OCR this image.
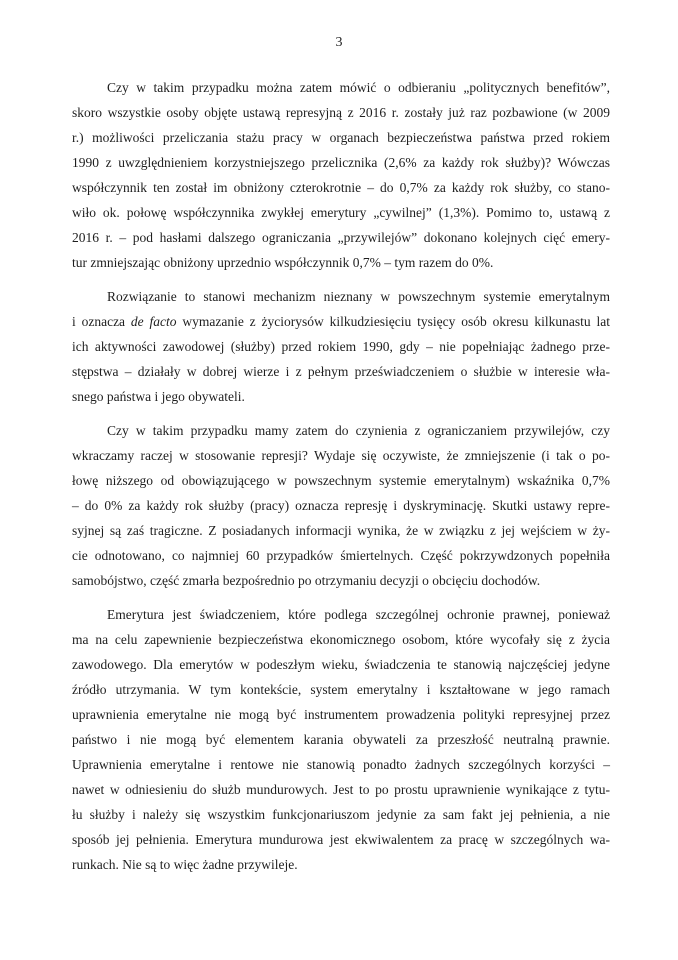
3
Czy w takim przypadku można zatem mówić o odbieraniu „politycznych benefitów”,
skoro wszystkie osoby objęte ustawą represyjną z 2016 r. zostały już raz pozbawione (w 2009
r.) możliwości przeliczania stażu pracy w organach bezpieczeństwa państwa przed rokiem
1990 z uwzględnieniem korzystniejszego przelicznika (2,6% za każdy rok służby)? Wówczas
współczynnik ten został im obniżony czterokrotnie – do 0,7% za każdy rok służby, co stano-
wiło ok. połowę współczynnika zwykłej emerytury „cywilnej” (1,3%). Pomimo to, ustawą z
2016 r. – pod hasłami dalszego ograniczania „przywilejów” dokonano kolejnych cięć emery-
tur zmniejszając obniżony uprzednio współczynnik 0,7% – tym razem do 0%.
Rozwiązanie to stanowi mechanizm nieznany w powszechnym systemie emerytalnym
i oznacza de facto wymazanie z życiorysów kilkudziesięciu tysięcy osób okresu kilkunastu lat
ich aktywności zawodowej (służby) przed rokiem 1990, gdy – nie popełniając żadnego prze-
stępstwa – działały w dobrej wierze i z pełnym przeświadczeniem o służbie w interesie wła-
snego państwa i jego obywateli.
Czy w takim przypadku mamy zatem do czynienia z ograniczaniem przywilejów, czy
wkraczamy raczej w stosowanie represji? Wydaje się oczywiste, że zmniejszenie (i tak o po-
łowę niższego od obowiązującego w powszechnym systemie emerytalnym) wskaźnika 0,7%
– do 0% za każdy rok służby (pracy) oznacza represję i dyskryminację. Skutki ustawy repre-
syjnej są zaś tragiczne. Z posiadanych informacji wynika, że w związku z jej wejściem w ży-
cie odnotowano, co najmniej 60 przypadków śmiertelnych. Część pokrzywdzonych popełniła
samobójstwo, część zmarła bezpośrednio po otrzymaniu decyzji o obcięciu dochodów.
Emerytura jest świadczeniem, które podlega szczególnej ochronie prawnej, ponieważ
ma na celu zapewnienie bezpieczeństwa ekonomicznego osobom, które wycofały się z życia
zawodowego. Dla emerytów w podeszłym wieku, świadczenia te stanowią najczęściej jedyne
źródło utrzymania. W tym kontekście, system emerytalny i kształtowane w jego ramach
uprawnienia emerytalne nie mogą być instrumentem prowadzenia polityki represyjnej przez
państwo i nie mogą być elementem karania obywateli za przeszłość neutralną prawnie.
Uprawnienia emerytalne i rentowe nie stanowią ponadto żadnych szczególnych korzyści –
nawet w odniesieniu do służb mundurowych. Jest to po prostu uprawnienie wynikające z tytu-
łu służby i należy się wszystkim funkcjonariuszom jedynie za sam fakt jej pełnienia, a nie
sposób jej pełnienia. Emerytura mundurowa jest ekwiwalentem za pracę w szczególnych wa-
runkach. Nie są to więc żadne przywileje.
